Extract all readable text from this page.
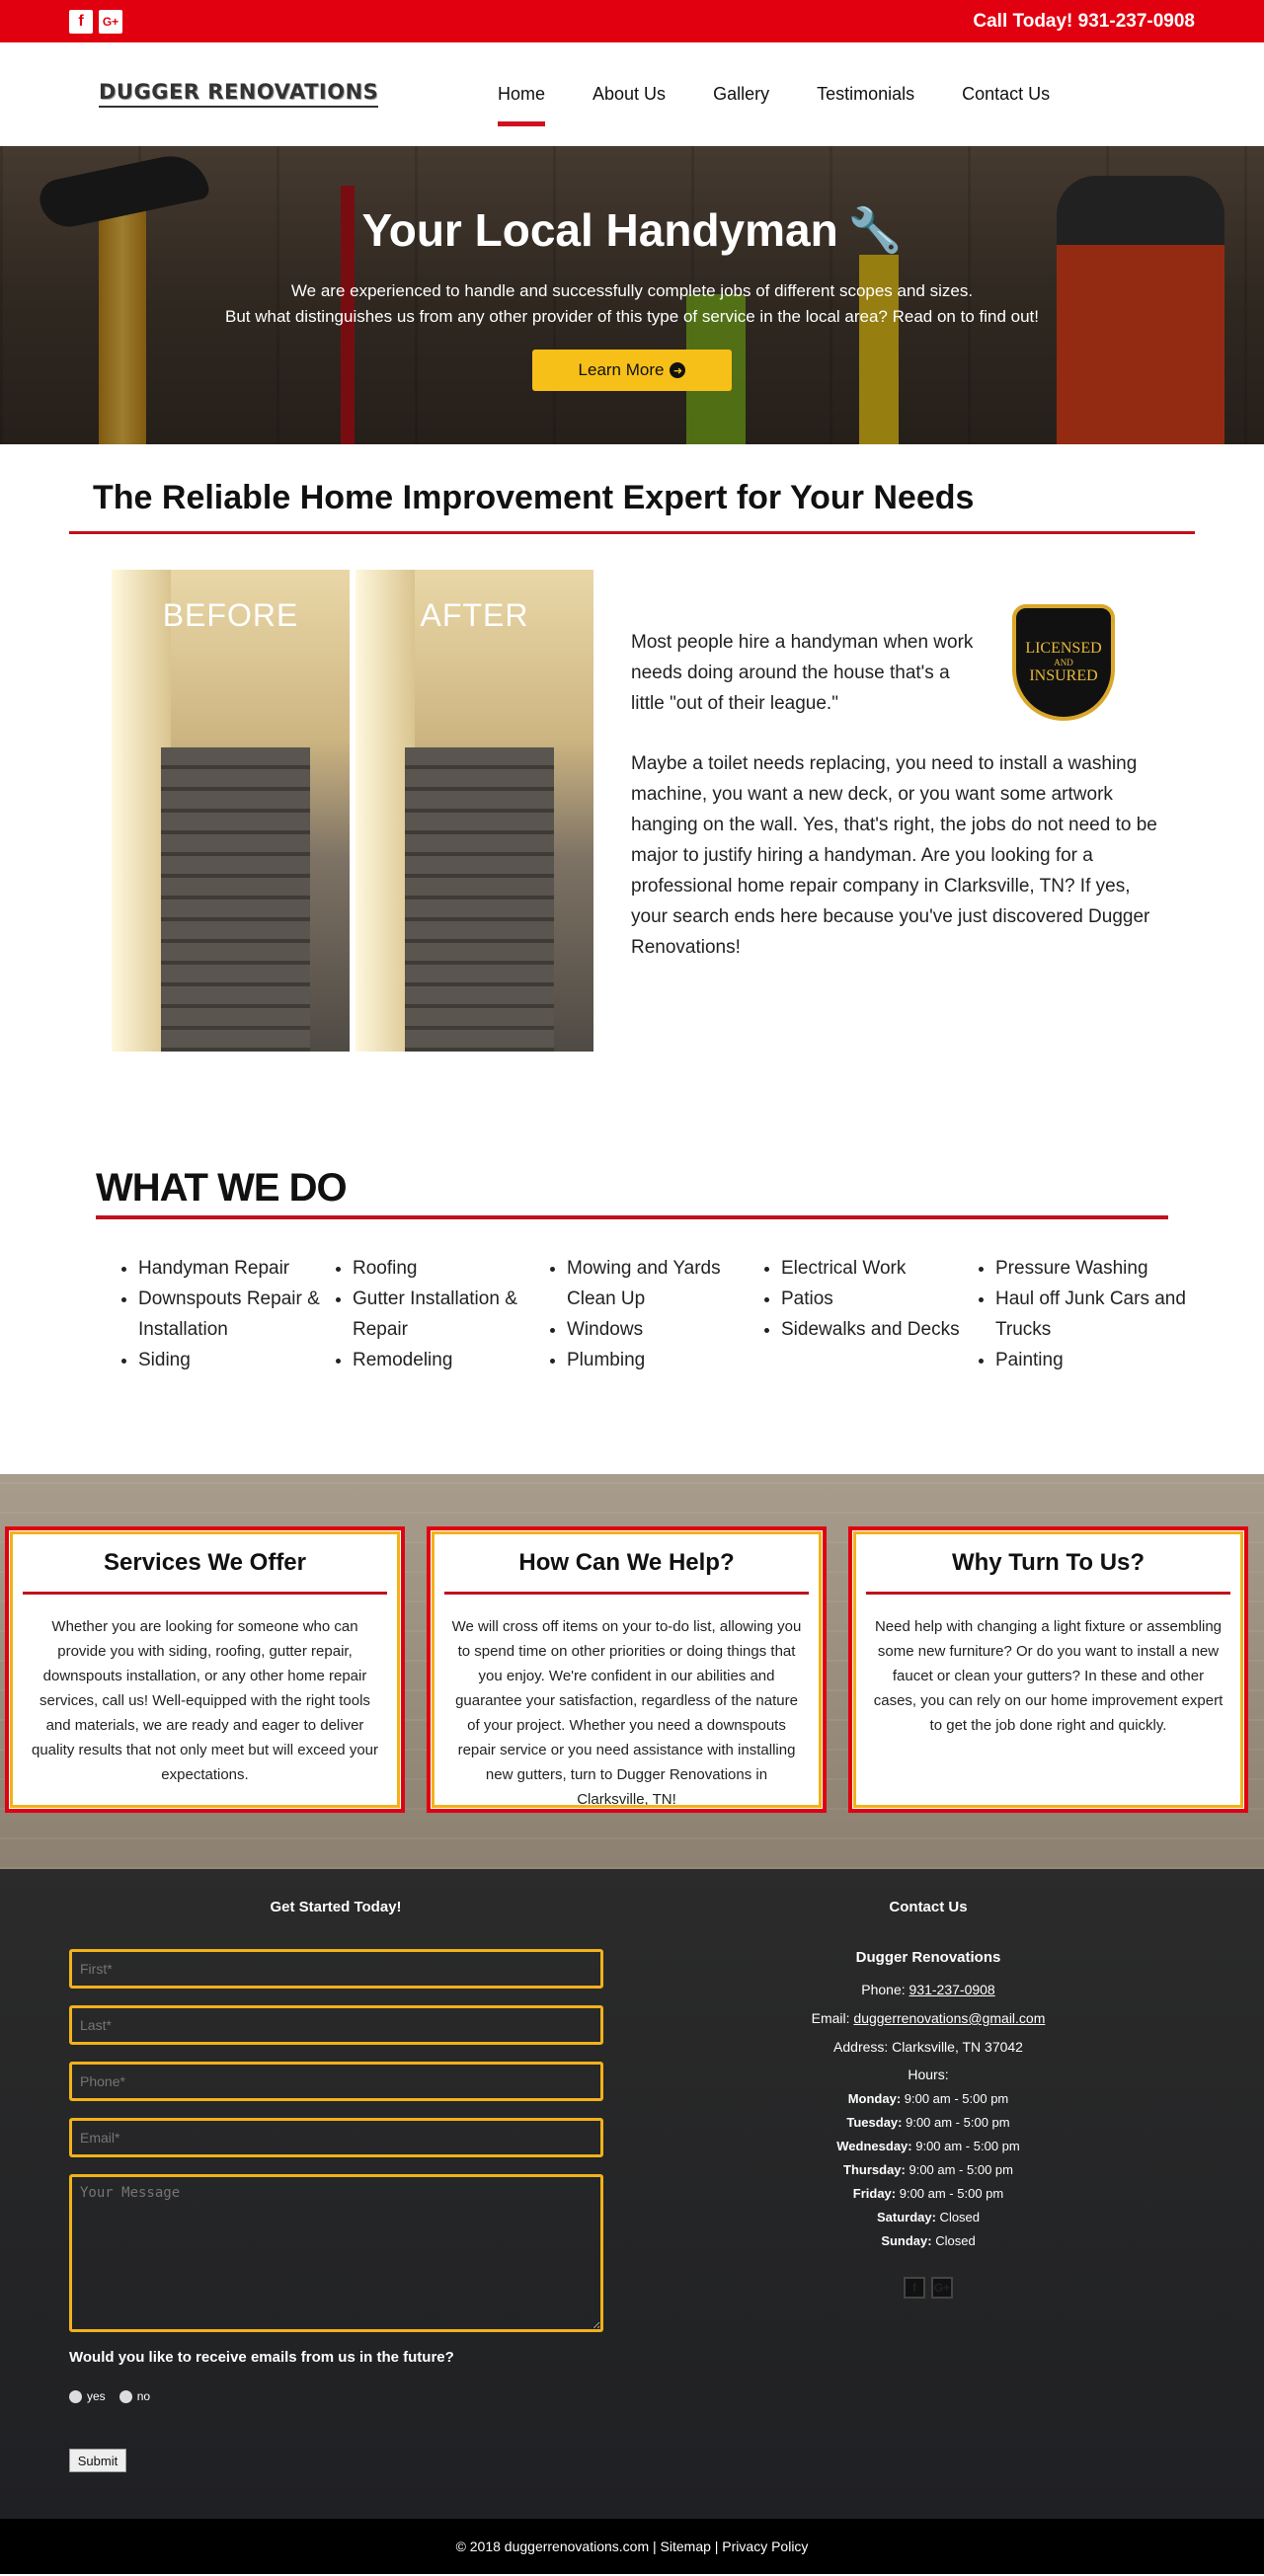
f	G+	Call Today! 931-237-0908
DUGGER RENOVATIONS	Home	About Us	Gallery	Testimonials	Contact Us
Your Local Handyman 🔧
We are experienced to handle and successfully complete jobs of different scopes and sizes.
But what distinguishes us from any other provider of this type of service in the local area? Read on to find out!
Learn More ➜
The Reliable Home Improvement Expert for Your Needs
BEFORE	AFTER
LICENSED
AND
INSURED

Most people hire a handyman when work needs doing around the house that's a little "out of their league."

Maybe a toilet needs replacing, you need to install a washing machine, you want a new deck, or you want some artwork hanging on the wall. Yes, that's right, the jobs do not need to be major to justify hiring a handyman. Are you looking for a professional home repair company in Clarksville, TN? If yes, your search ends here because you've just discovered Dugger Renovations!

WHAT WE DO
• Handyman Repair
• Downspouts Repair & Installation
• Siding
• Roofing
• Gutter Installation & Repair
• Remodeling
• Mowing and Yards Clean Up
• Windows
• Plumbing
• Electrical Work
• Patios
• Sidewalks and Decks
• Pressure Washing
• Haul off Junk Cars and Trucks
• Painting
Services We Offer
Whether you are looking for someone who can provide you with siding, roofing, gutter repair, downspouts installation, or any other home repair services, call us! Well-equipped with the right tools and materials, we are ready and eager to deliver quality results that not only meet but will exceed your expectations.
How Can We Help?
We will cross off items on your to-do list, allowing you to spend time on other priorities or doing things that you enjoy. We're confident in our abilities and guarantee your satisfaction, regardless of the nature of your project. Whether you need a downspouts repair service or you need assistance with installing new gutters, turn to Dugger Renovations in Clarksville, TN!
Why Turn To Us?
Need help with changing a light fixture or assembling some new furniture? Or do you want to install a new faucet or clean your gutters? In these and other cases, you can rely on our home improvement expert to get the job done right and quickly.
Get Started Today!
First*
Last*
Phone*
Email*
Your Message
Would you like to receive emails from us in the future?
yes	no
Submit
Contact Us
Dugger Renovations
Phone: 931-237-0908
Email: duggerrenovations@gmail.com
Address: Clarksville, TN 37042
Hours:
Monday: 9:00 am - 5:00 pm
Tuesday: 9:00 am - 5:00 pm
Wednesday: 9:00 am - 5:00 pm
Thursday: 9:00 am - 5:00 pm
Friday: 9:00 am - 5:00 pm
Saturday: Closed
Sunday: Closed
f	G+
© 2018 duggerrenovations.com | Sitemap | Privacy Policy
